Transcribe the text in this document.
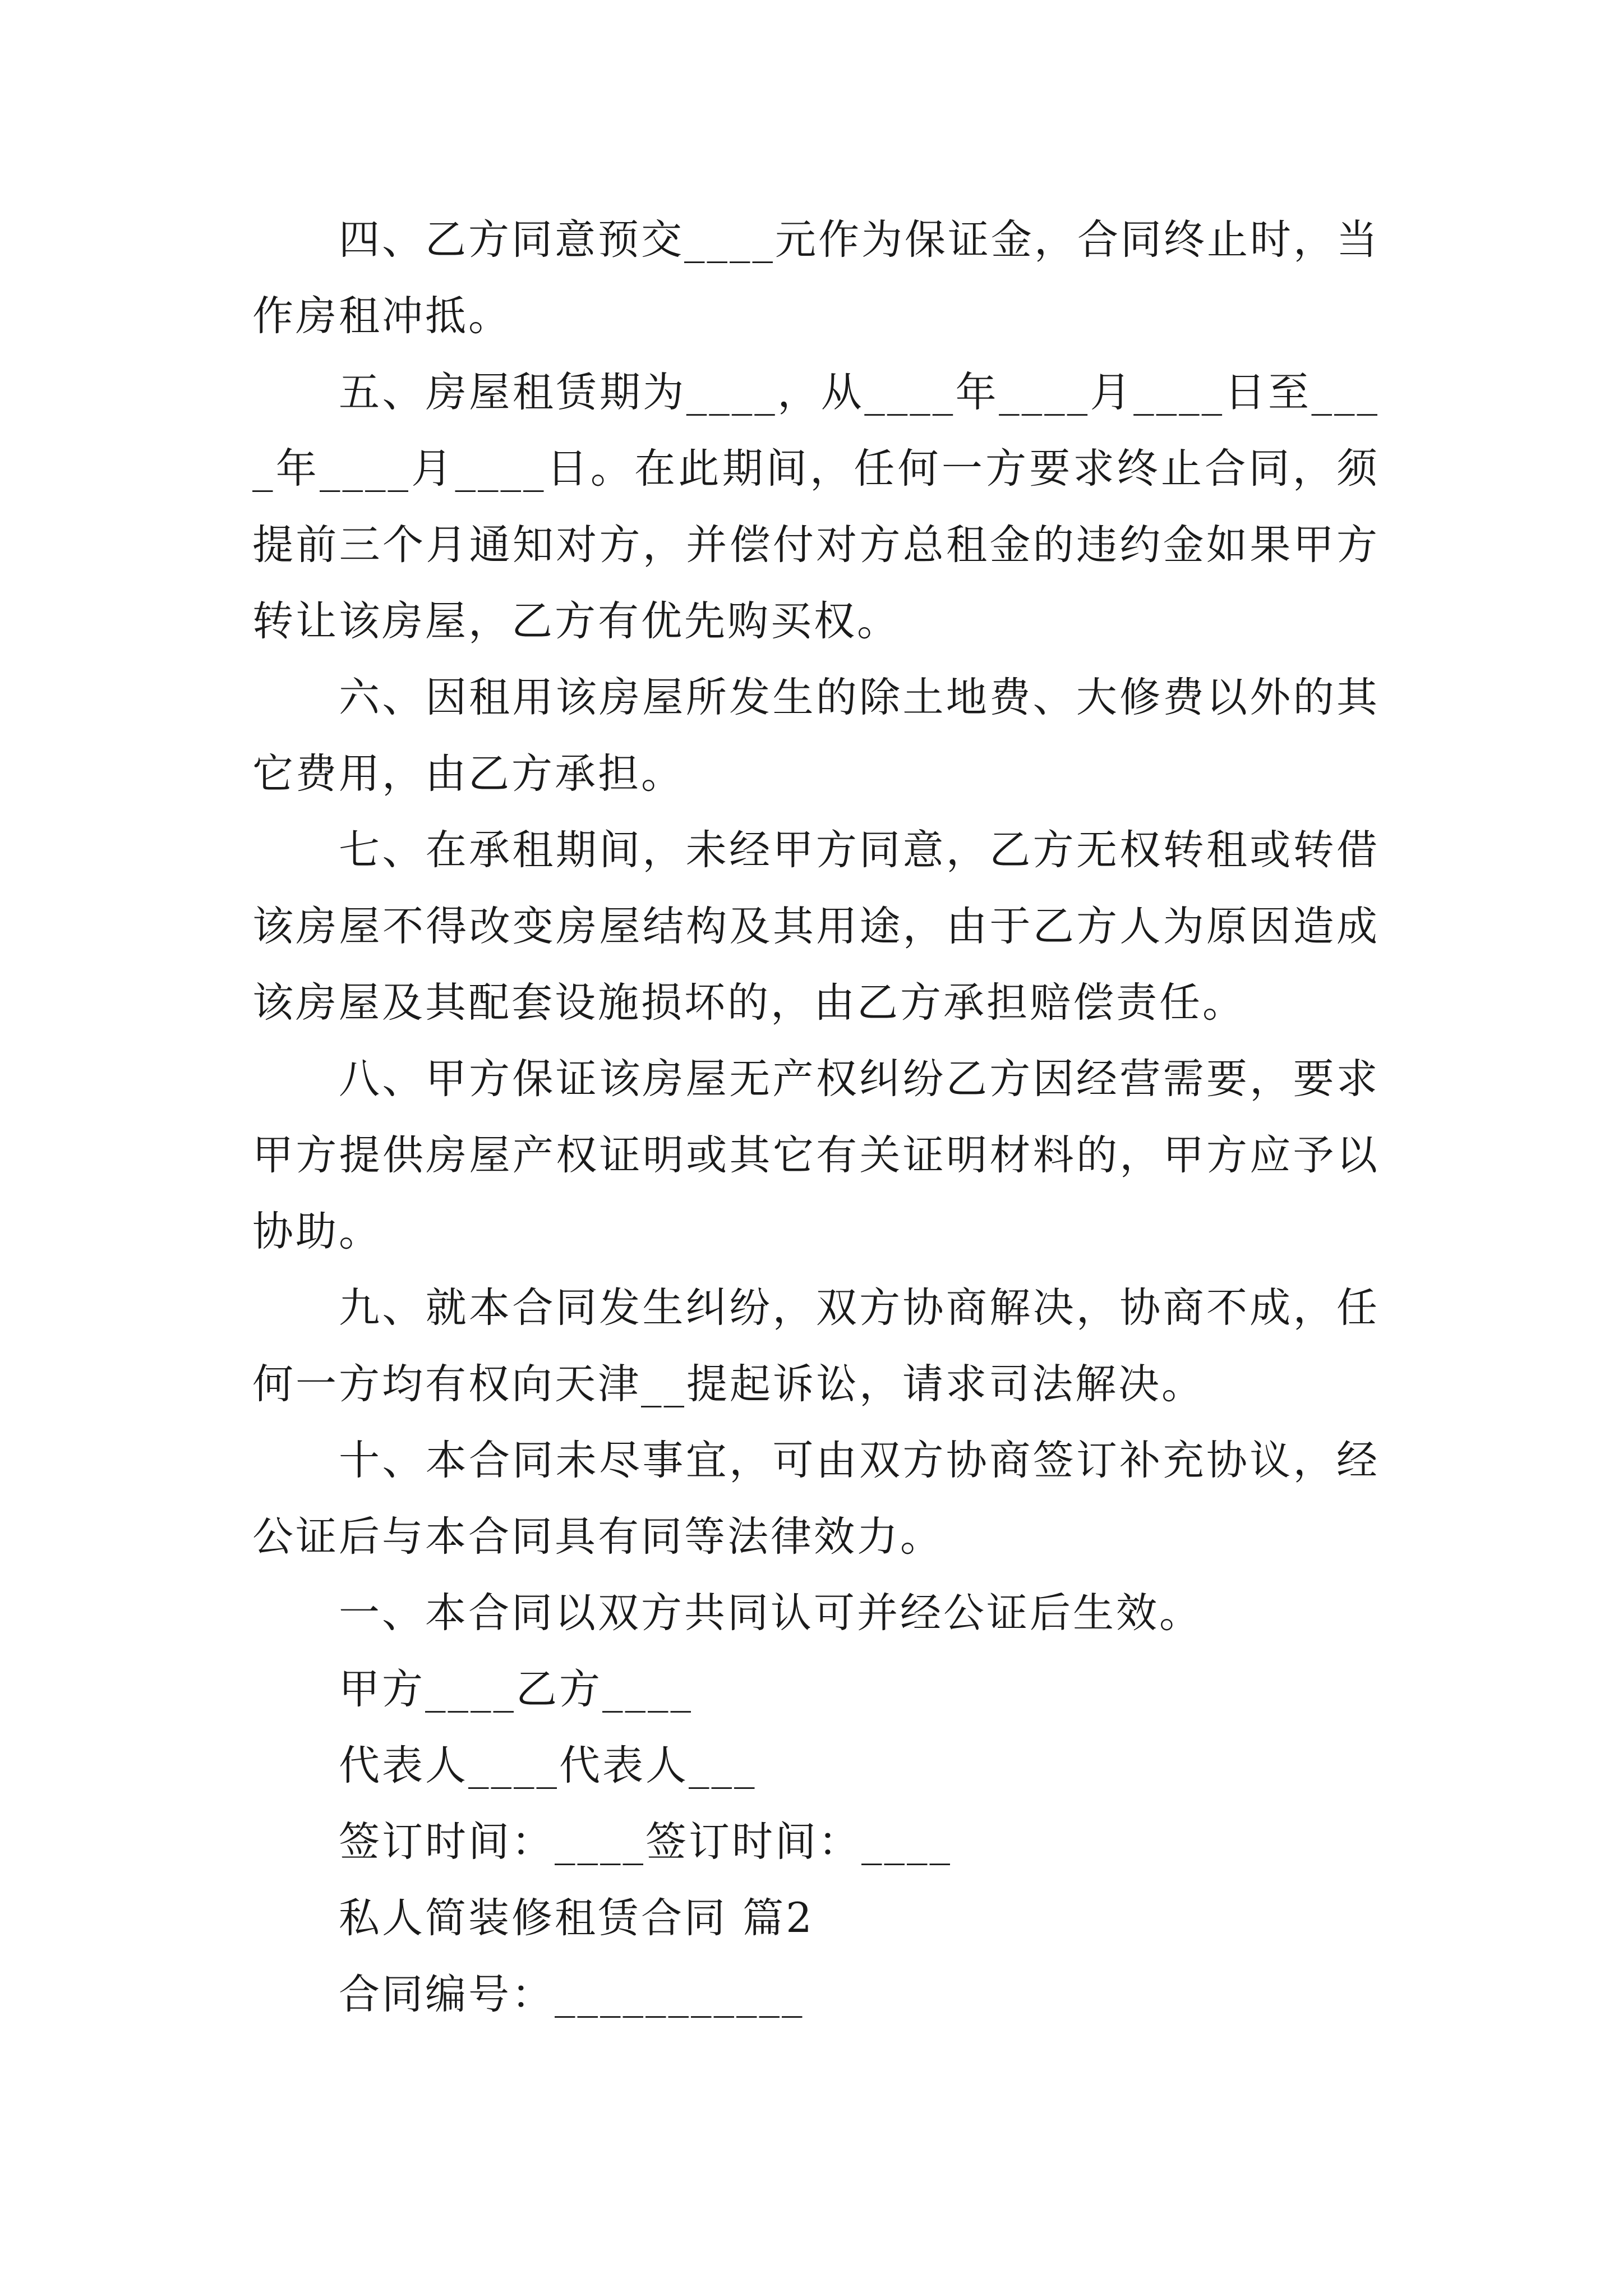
四、乙方同意预交____元作为保证金，合同终止时，当作房租冲抵。

五、房屋租赁期为____，从____年____月____日至____年____月____日。在此期间，任何一方要求终止合同，须提前三个月通知对方，并偿付对方总租金的违约金如果甲方转让该房屋，乙方有优先购买权。

六、因租用该房屋所发生的除土地费、大修费以外的其它费用，由乙方承担。

七、在承租期间，未经甲方同意，乙方无权转租或转借该房屋不得改变房屋结构及其用途，由于乙方人为原因造成该房屋及其配套设施损坏的，由乙方承担赔偿责任。

八、甲方保证该房屋无产权纠纷乙方因经营需要，要求甲方提供房屋产权证明或其它有关证明材料的，甲方应予以协助。

九、就本合同发生纠纷，双方协商解决，协商不成，任何一方均有权向天津__提起诉讼，请求司法解决。

十、本合同未尽事宜，可由双方协商签订补充协议，经公证后与本合同具有同等法律效力。

一、本合同以双方共同认可并经公证后生效。

甲方____乙方____

代表人____代表人___

签订时间：____签订时间：____

私人简装修租赁合同 篇2

合同编号：___________
